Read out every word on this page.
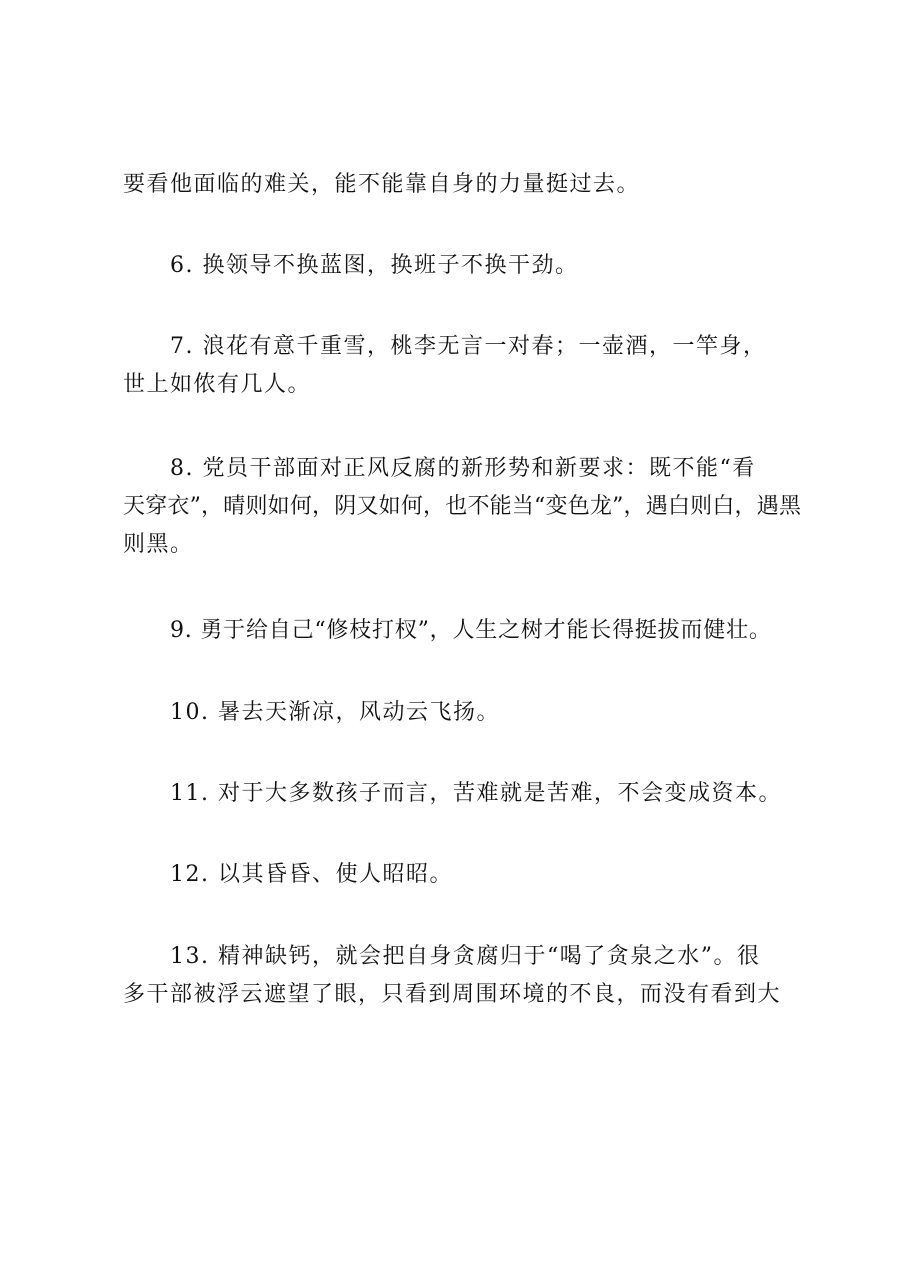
要看他面临的难关，能不能靠自身的力量挺过去。

6. 换领导不换蓝图，换班子不换干劲。

7. 浪花有意千重雪，桃李无言一对春；一壶酒，一竿身，
世上如侬有几人。

8. 党员干部面对正风反腐的新形势和新要求：既不能“看
天穿衣”，晴则如何，阴又如何，也不能当“变色龙”，遇白则白，遇黑
则黑。

9. 勇于给自己“修枝打杈”，人生之树才能长得挺拔而健壮。

10. 暑去天渐凉，风动云飞扬。

11. 对于大多数孩子而言，苦难就是苦难，不会变成资本。

12. 以其昏昏、使人昭昭。

13. 精神缺钙，就会把自身贪腐归于“喝了贪泉之水”。很
多干部被浮云遮望了眼，只看到周围环境的不良，而没有看到大
